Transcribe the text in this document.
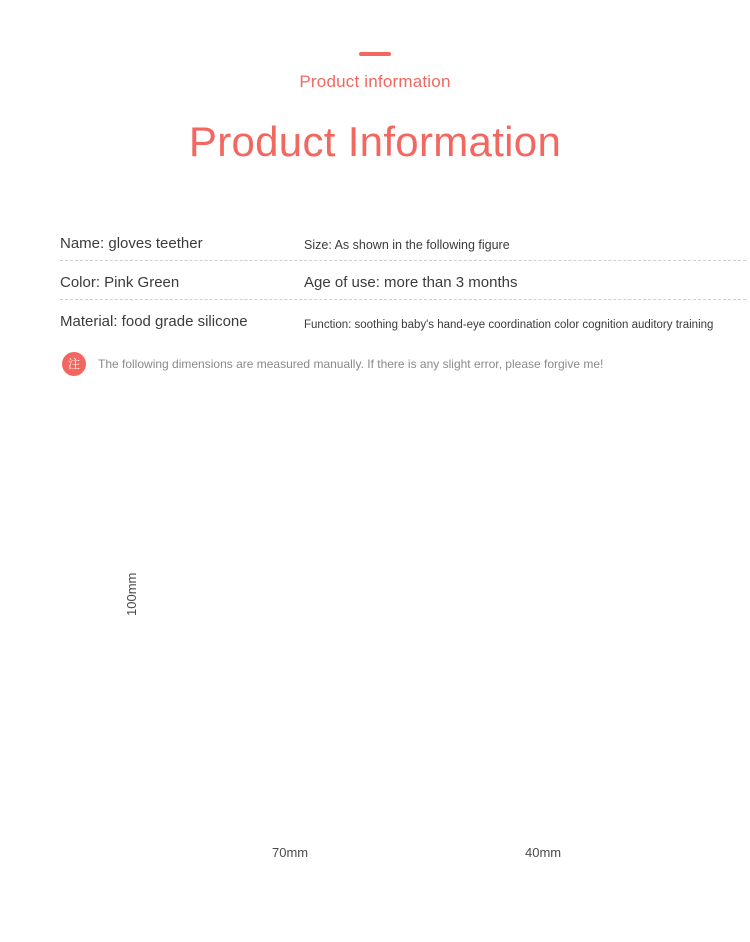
Product information
Product Information
Name: gloves teether	Size: As shown in the following figure
Color: Pink Green	Age of use: more than 3 months
Material: food grade silicone	Function: soothing baby's hand-eye coordination color cognition auditory training
注	The following dimensions are measured manually. If there is any slight error, please forgive me!
100mm
70mm	40mm
